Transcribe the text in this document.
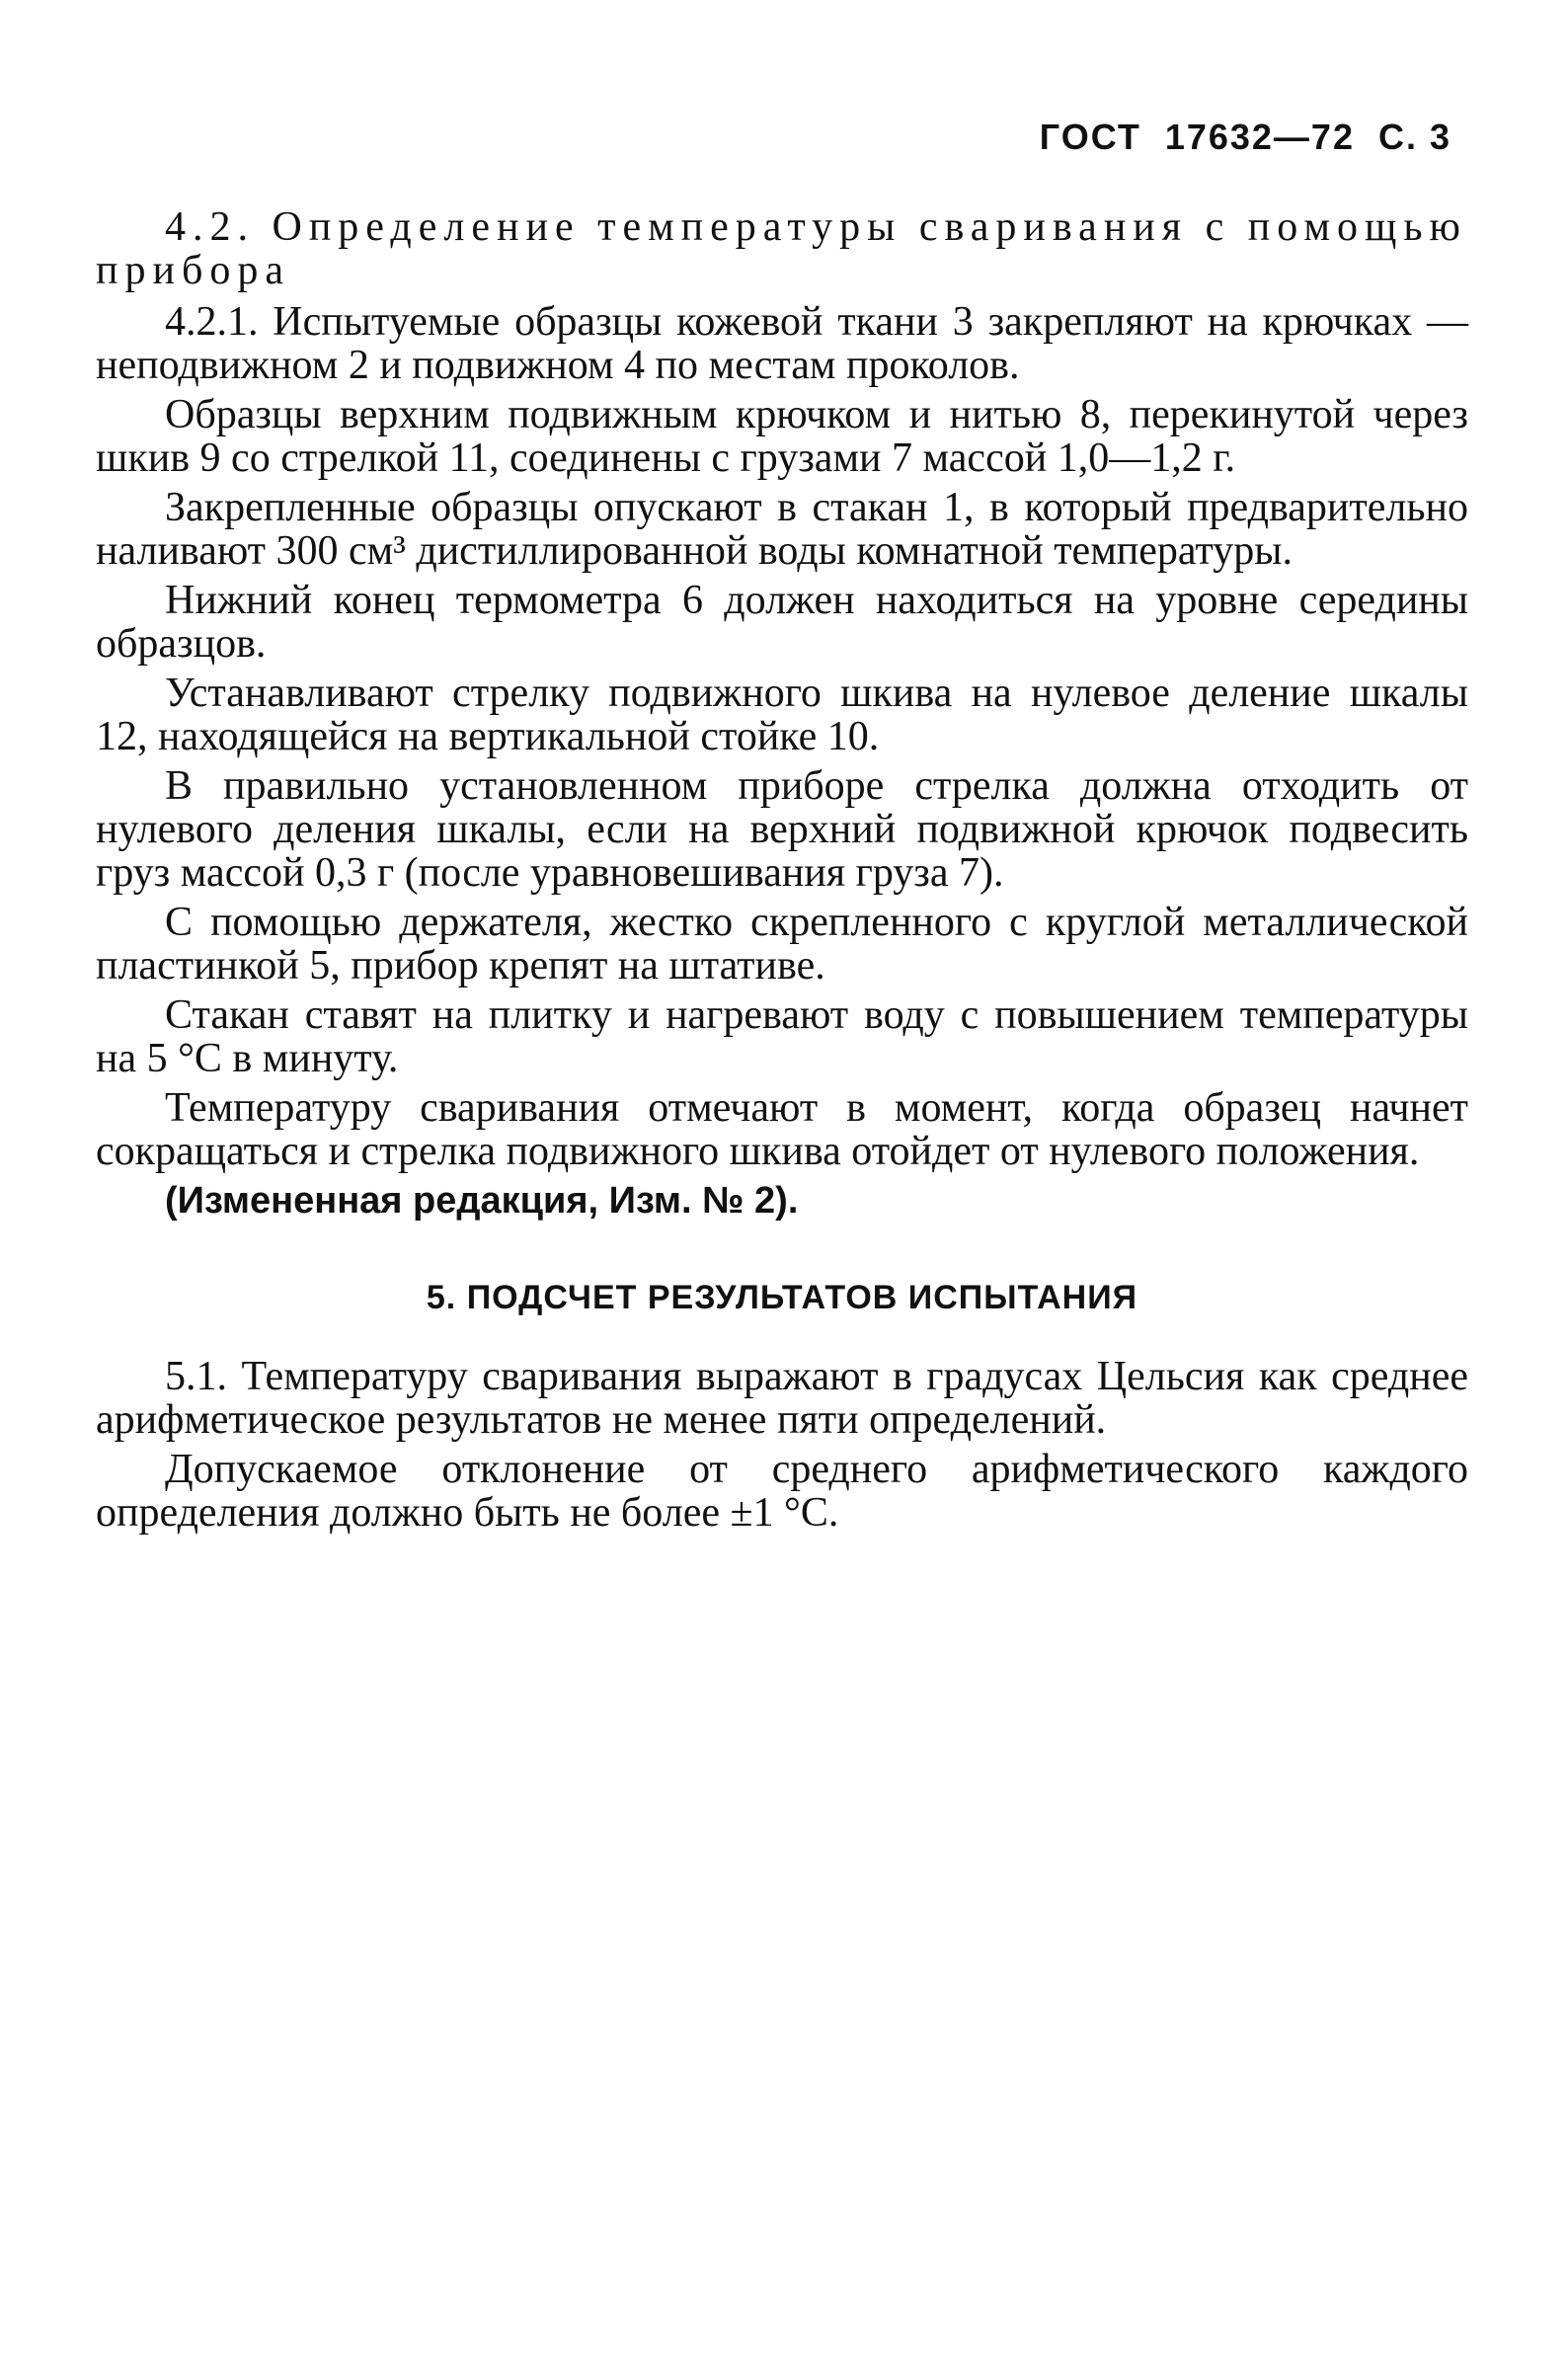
ГОСТ  17632—72  С. 3

4.2. Определение температуры сваривания с помощью прибора

4.2.1. Испытуемые образцы кожевой ткани 3 закрепляют на крючках — неподвижном 2 и подвижном 4 по местам проколов.

Образцы верхним подвижным крючком и нитью 8, перекинутой через шкив 9 со стрелкой 11, соединены с грузами 7 массой 1,0—1,2 г.

Закрепленные образцы опускают в стакан 1, в который предварительно наливают 300 см³ дистиллированной воды комнатной температуры.

Нижний конец термометра 6 должен находиться на уровне середины образцов.

Устанавливают стрелку подвижного шкива на нулевое деление шкалы 12, находящейся на вертикальной стойке 10.

В правильно установленном приборе стрелка должна отходить от нулевого деления шкалы, если на верхний подвижной крючок подвесить груз массой 0,3 г (после уравновешивания груза 7).

С помощью держателя, жестко скрепленного с круглой металлической пластинкой 5, прибор крепят на штативе.

Стакан ставят на плитку и нагревают воду с повышением температуры на 5 °С в минуту.

Температуру сваривания отмечают в момент, когда образец начнет сокращаться и стрелка подвижного шкива отойдет от нулевого положения.

(Измененная редакция, Изм. № 2).

5. ПОДСЧЕТ РЕЗУЛЬТАТОВ ИСПЫТАНИЯ

5.1. Температуру сваривания выражают в градусах Цельсия как среднее арифметическое результатов не менее пяти определений.

Допускаемое отклонение от среднего арифметического каждого определения должно быть не более ±1 °С.
